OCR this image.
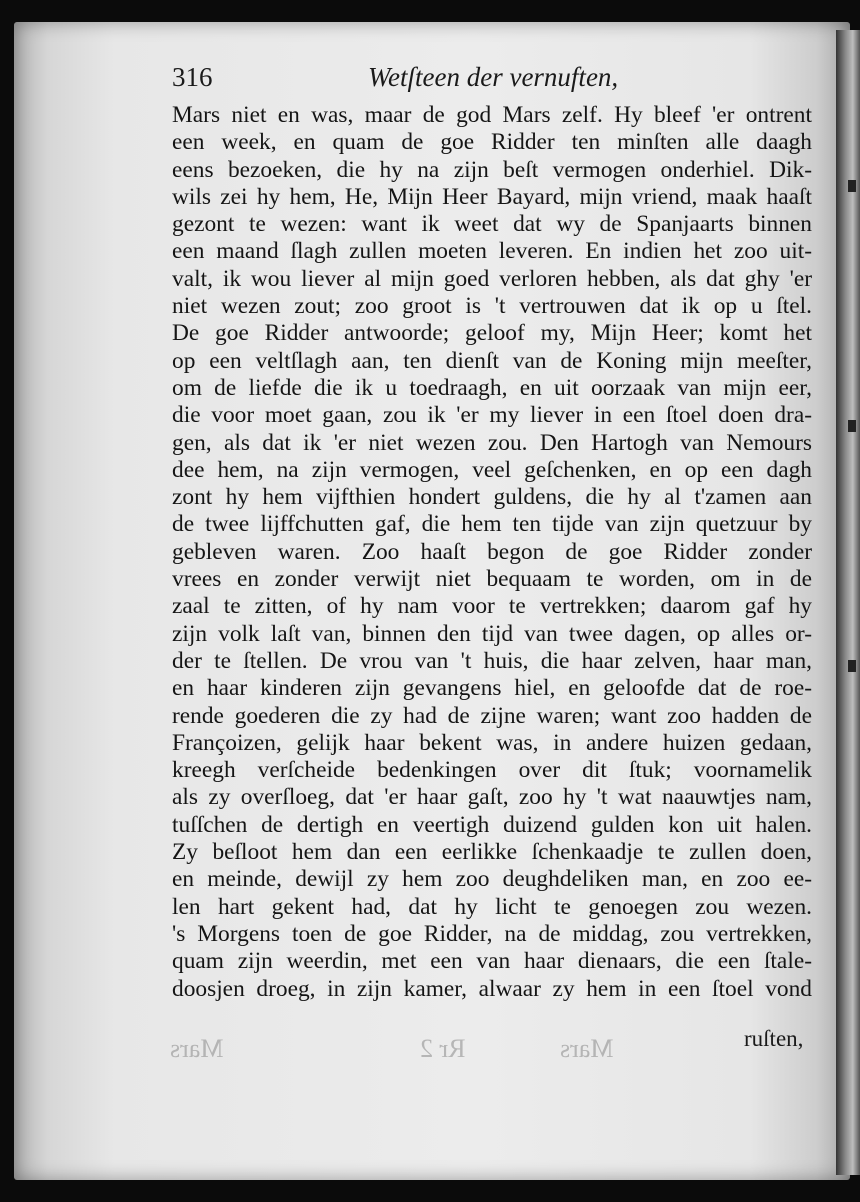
316	Wetſteen der vernuften,
Mars niet en was, maar de god Mars zelf. Hy bleef 'er ontrent
een week, en quam de goe Ridder ten minſten alle daagh
eens bezoeken, die hy na zijn beſt vermogen onderhiel. Dik-
wils zei hy hem, He, Mijn Heer Bayard, mijn vriend, maak haaſt
gezont te wezen: want ik weet dat wy de Spanjaarts binnen
een maand ſlagh zullen moeten leveren. En indien het zoo uit-
valt, ik wou liever al mijn goed verloren hebben, als dat ghy 'er
niet wezen zout; zoo groot is 't vertrouwen dat ik op u ſtel.
De goe Ridder antwoorde; geloof my, Mijn Heer; komt het
op een veltſlagh aan, ten dienſt van de Koning mijn meeſter,
om de liefde die ik u toedraagh, en uit oorzaak van mijn eer,
die voor moet gaan, zou ik 'er my liever in een ſtoel doen dra-
gen, als dat ik 'er niet wezen zou. Den Hartogh van Nemours
dee hem, na zijn vermogen, veel geſchenken, en op een dagh
zont hy hem vijfthien hondert guldens, die hy al t'zamen aan
de twee lijffchutten gaf, die hem ten tijde van zijn quetzuur by
gebleven waren. Zoo haaſt begon de goe Ridder zonder
vrees en zonder verwijt niet bequaam te worden, om in de
zaal te zitten, of hy nam voor te vertrekken; daarom gaf hy
zijn volk laſt van, binnen den tijd van twee dagen, op alles or-
der te ſtellen. De vrou van 't huis, die haar zelven, haar man,
en haar kinderen zijn gevangens hiel, en geloofde dat de roe-
rende goederen die zy had de zijne waren; want zoo hadden de
Françoizen, gelijk haar bekent was, in andere huizen gedaan,
kreegh verſcheide bedenkingen over dit ſtuk; voornamelik
als zy overſloeg, dat 'er haar gaſt, zoo hy 't wat naauwtjes nam,
tuſſchen de dertigh en veertigh duizend gulden kon uit halen.
Zy beſloot hem dan een eerlikke ſchenkaadje te zullen doen,
en meinde, dewijl zy hem zoo deughdeliken man, en zoo ee-
len hart gekent had, dat hy licht te genoegen zou wezen.
's Morgens toen de goe Ridder, na de middag, zou vertrekken,
quam zijn weerdin, met een van haar dienaars, die een ſtale-
doosjen droeg, in zijn kamer, alwaar zy hem in een ſtoel vond
Mars	Rr 2	Mars	ruſten,
